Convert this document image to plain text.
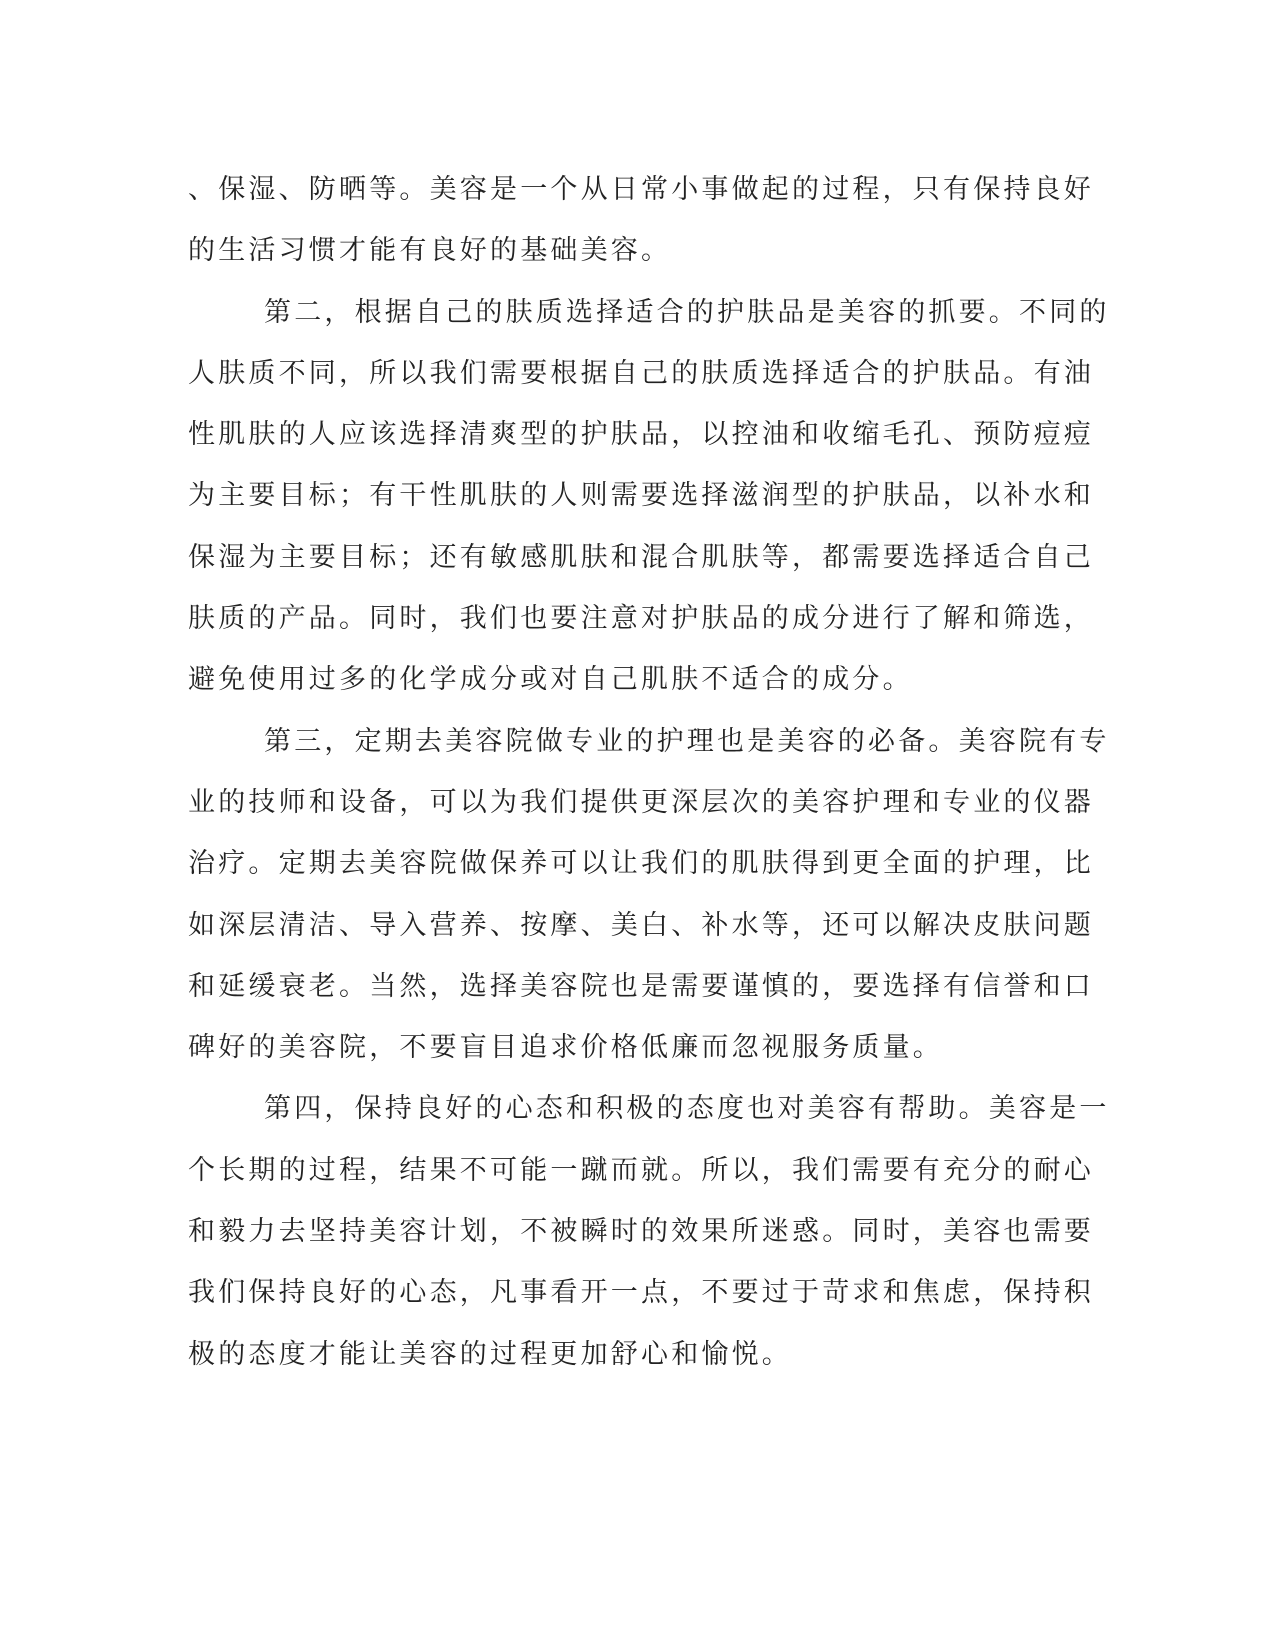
、保湿、防晒等。美容是一个从日常小事做起的过程，只有保持良好
的生活习惯才能有良好的基础美容。

第二，根据自己的肤质选择适合的护肤品是美容的抓要。不同的
人肤质不同，所以我们需要根据自己的肤质选择适合的护肤品。有油
性肌肤的人应该选择清爽型的护肤品，以控油和收缩毛孔、预防痘痘
为主要目标；有干性肌肤的人则需要选择滋润型的护肤品，以补水和
保湿为主要目标；还有敏感肌肤和混合肌肤等，都需要选择适合自己
肤质的产品。同时，我们也要注意对护肤品的成分进行了解和筛选，
避免使用过多的化学成分或对自己肌肤不适合的成分。

第三，定期去美容院做专业的护理也是美容的必备。美容院有专
业的技师和设备，可以为我们提供更深层次的美容护理和专业的仪器
治疗。定期去美容院做保养可以让我们的肌肤得到更全面的护理，比
如深层清洁、导入营养、按摩、美白、补水等，还可以解决皮肤问题
和延缓衰老。当然，选择美容院也是需要谨慎的，要选择有信誉和口
碑好的美容院，不要盲目追求价格低廉而忽视服务质量。

第四，保持良好的心态和积极的态度也对美容有帮助。美容是一
个长期的过程，结果不可能一蹴而就。所以，我们需要有充分的耐心
和毅力去坚持美容计划，不被瞬时的效果所迷惑。同时，美容也需要
我们保持良好的心态，凡事看开一点，不要过于苛求和焦虑，保持积
极的态度才能让美容的过程更加舒心和愉悦。
